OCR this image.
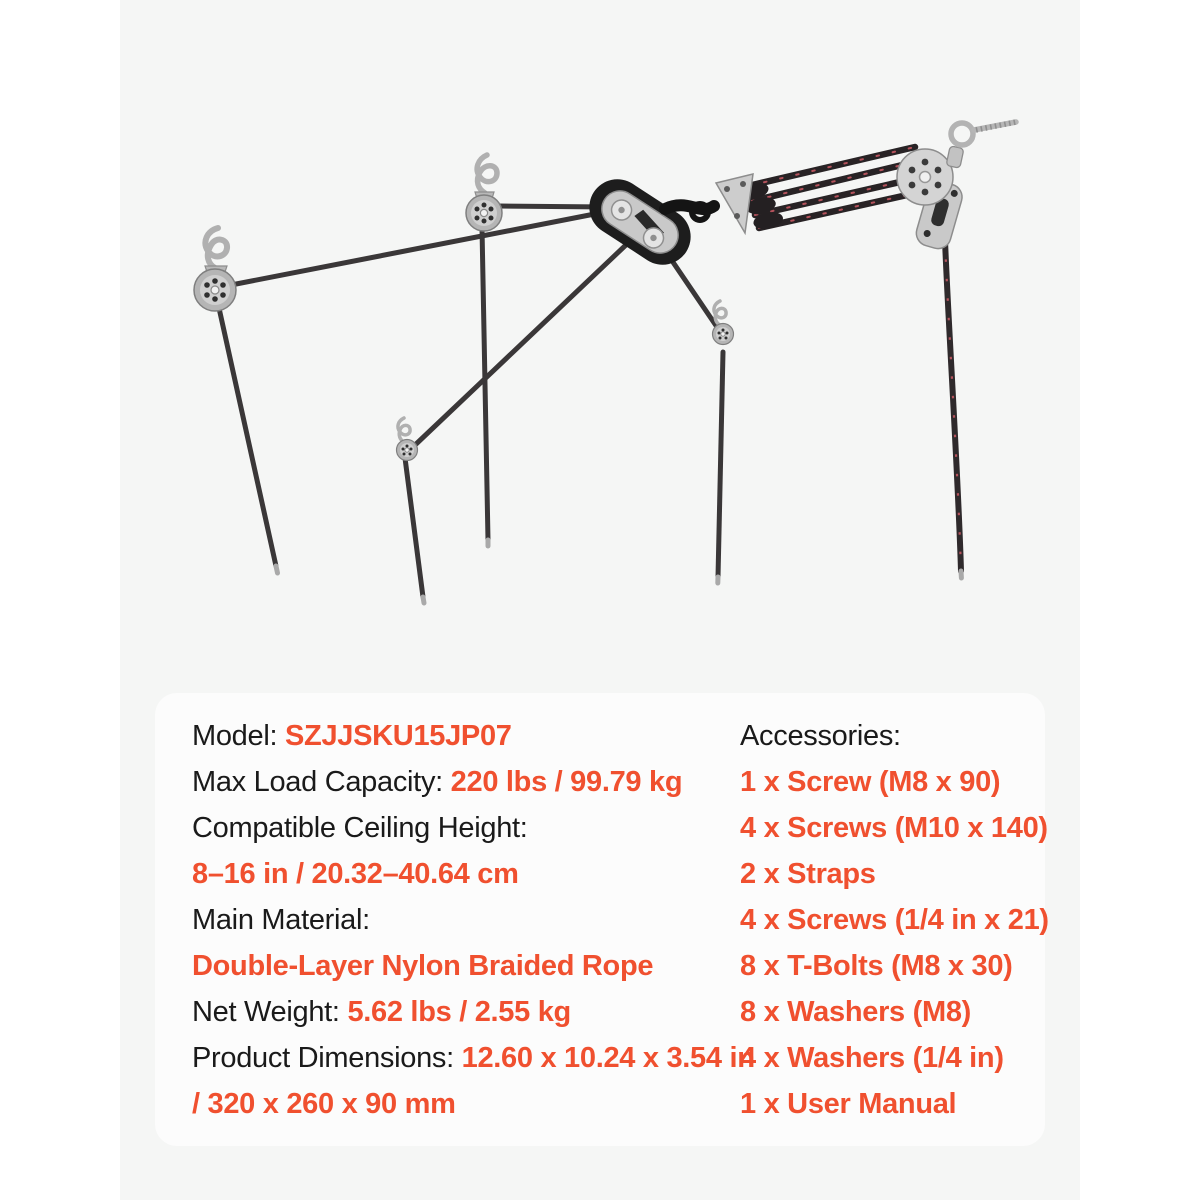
Model: SZJJSKU15JP07
Max Load Capacity: 220 lbs / 99.79 kg
Compatible Ceiling Height:
8–16 in / 20.32–40.64 cm
Main Material:
Double-Layer Nylon Braided Rope
Net Weight: 5.62 lbs / 2.55 kg
Product Dimensions: 12.60 x 10.24 x 3.54 in
/ 320 x 260 x 90 mm
Accessories:
1 x Screw (M8 x 90)
4 x Screws (M10 x 140)
2 x Straps
4 x Screws (1/4 in x 21)
8 x T-Bolts (M8 x 30)
8 x Washers (M8)
4 x Washers (1/4 in)
1 x User Manual
